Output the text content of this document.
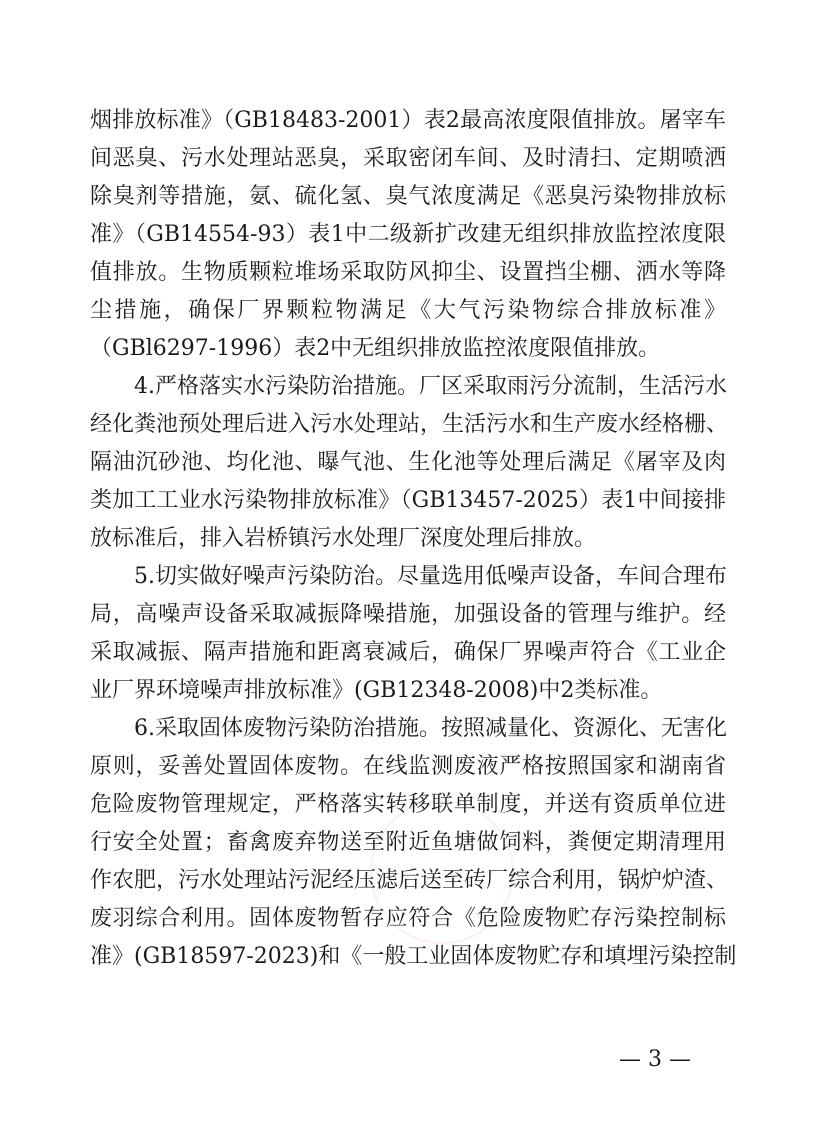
烟排放标准》（GB18483-2001）表2最高浓度限值排放。屠宰车
间恶臭、污水处理站恶臭，采取密闭车间、及时清扫、定期喷洒
除臭剂等措施，氨、硫化氢、臭气浓度满足《恶臭污染物排放标
准》（GB14554-93）表1中二级新扩改建无组织排放监控浓度限
值排放。生物质颗粒堆场采取防风抑尘、设置挡尘棚、洒水等降
尘措施，确保厂界颗粒物满足《大气污染物综合排放标准》
（GBl6297-1996）表2中无组织排放监控浓度限值排放。
4.严格落实水污染防治措施。厂区采取雨污分流制，生活污水
经化粪池预处理后进入污水处理站，生活污水和生产废水经格栅、
隔油沉砂池、均化池、曝气池、生化池等处理后满足《屠宰及肉
类加工工业水污染物排放标准》（GB13457-2025）表1中间接排
放标准后，排入岩桥镇污水处理厂深度处理后排放。
5.切实做好噪声污染防治。尽量选用低噪声设备，车间合理布
局，高噪声设备采取减振降噪措施，加强设备的管理与维护。经
采取减振、隔声措施和距离衰减后，确保厂界噪声符合《工业企
业厂界环境噪声排放标准》(GB12348-2008)中2类标准。
6.采取固体废物污染防治措施。按照减量化、资源化、无害化
原则，妥善处置固体废物。在线监测废液严格按照国家和湖南省
危险废物管理规定，严格落实转移联单制度，并送有资质单位进
行安全处置；畜禽废弃物送至附近鱼塘做饲料，粪便定期清理用
作农肥，污水处理站污泥经压滤后送至砖厂综合利用，锅炉炉渣、
废羽综合利用。固体废物暂存应符合《危险废物贮存污染控制标
准》(GB18597-2023)和《一般工业固体废物贮存和填埋污染控制
— 3 —
